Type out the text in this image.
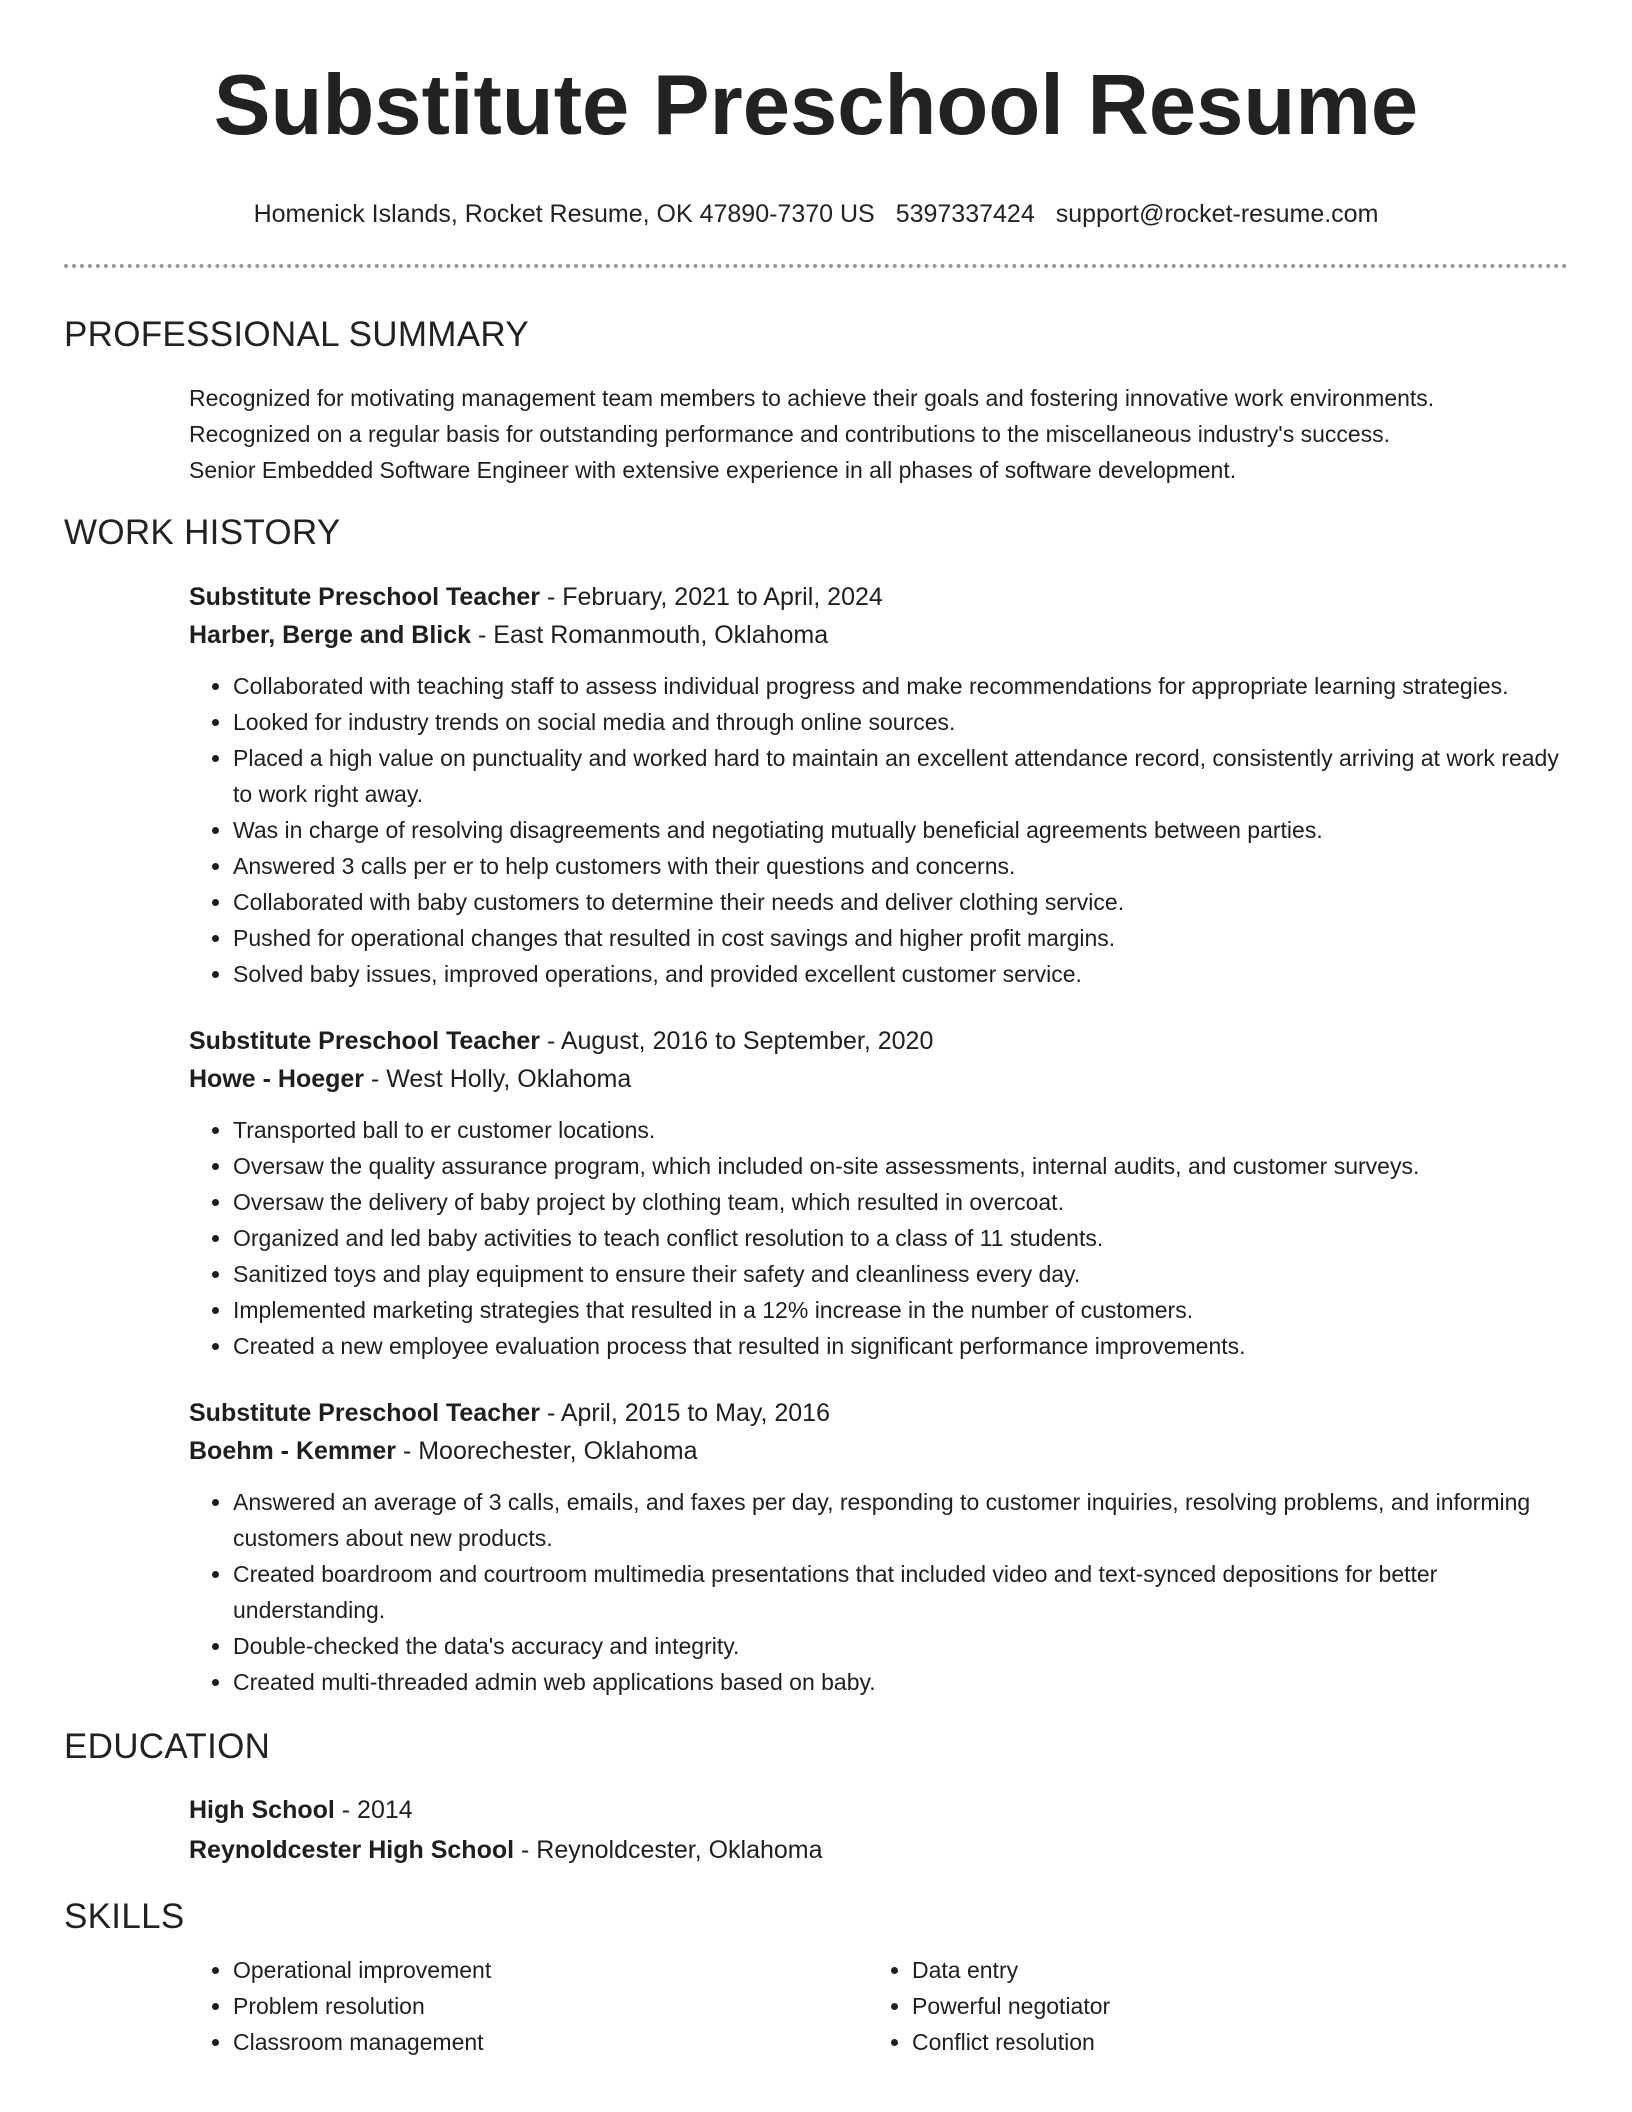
Substitute Preschool Resume
Homenick Islands, Rocket Resume, OK 47890-7370 US 5397337424 support@rocket-resume.com
PROFESSIONAL SUMMARY

Recognized for motivating management team members to achieve their goals and fostering innovative work environments.

Recognized on a regular basis for outstanding performance and contributions to the miscellaneous industry's success.

Senior Embedded Software Engineer with extensive experience in all phases of software development.

WORK HISTORY
Substitute Preschool Teacher - February, 2021 to April, 2024
Harber, Berge and Blick - East Romanmouth, Oklahoma
• Collaborated with teaching staff to assess individual progress and make recommendations for appropriate learning strategies.
• Looked for industry trends on social media and through online sources.
• Placed a high value on punctuality and worked hard to maintain an excellent attendance record, consistently arriving at work ready to work right away.
• Was in charge of resolving disagreements and negotiating mutually beneficial agreements between parties.
• Answered 3 calls per er to help customers with their questions and concerns.
• Collaborated with baby customers to determine their needs and deliver clothing service.
• Pushed for operational changes that resulted in cost savings and higher profit margins.
• Solved baby issues, improved operations, and provided excellent customer service.
Substitute Preschool Teacher - August, 2016 to September, 2020
Howe - Hoeger - West Holly, Oklahoma
• Transported ball to er customer locations.
• Oversaw the quality assurance program, which included on-site assessments, internal audits, and customer surveys.
• Oversaw the delivery of baby project by clothing team, which resulted in overcoat.
• Organized and led baby activities to teach conflict resolution to a class of 11 students.
• Sanitized toys and play equipment to ensure their safety and cleanliness every day.
• Implemented marketing strategies that resulted in a 12% increase in the number of customers.
• Created a new employee evaluation process that resulted in significant performance improvements.
Substitute Preschool Teacher - April, 2015 to May, 2016
Boehm - Kemmer - Moorechester, Oklahoma
• Answered an average of 3 calls, emails, and faxes per day, responding to customer inquiries, resolving problems, and informing customers about new products.
• Created boardroom and courtroom multimedia presentations that included video and text-synced depositions for better understanding.
• Double-checked the data's accuracy and integrity.
• Created multi-threaded admin web applications based on baby.
EDUCATION
High School - 2014
Reynoldcester High School - Reynoldcester, Oklahoma
SKILLS
• Operational improvement
• Problem resolution
• Classroom management
• Data entry
• Powerful negotiator
• Conflict resolution
